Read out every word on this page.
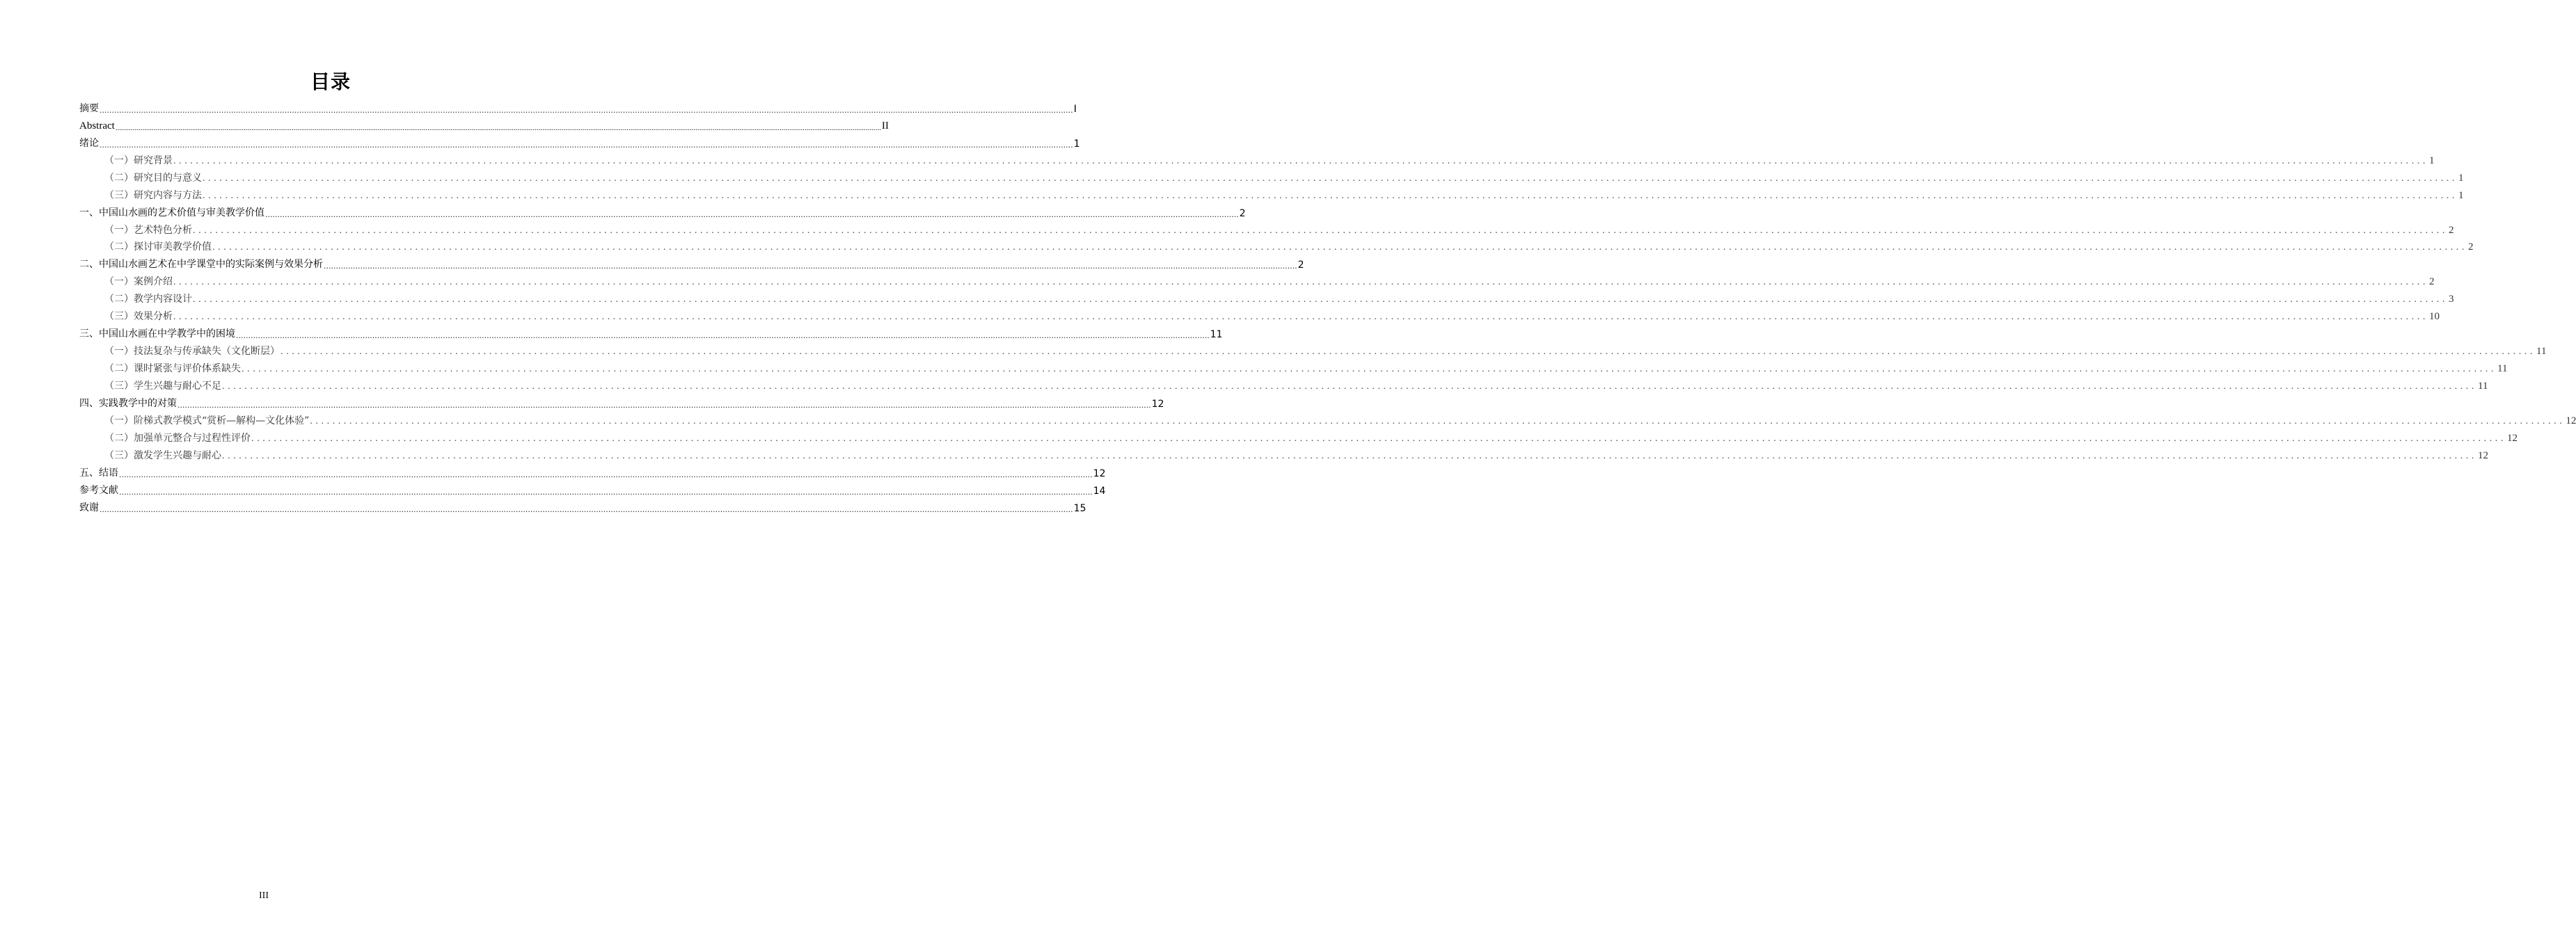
目录
摘要 ................................................................................................................................................................................................................................................................................................................................................................................................................ I
Abstract ................................................................................................................................................................................................................................................................................................................................................................................................................ II
绪论 ................................................................................................................................................................................................................................................................................................................................................................................................................ 1
（一）研究背景 ................................................................................................................................................................................................................................................................................................................................................................................................................ 1
（二）研究目的与意义 ................................................................................................................................................................................................................................................................................................................................................................................................................ 1
（三）研究内容与方法 ................................................................................................................................................................................................................................................................................................................................................................................................................ 1
一、中国山水画的艺术价值与审美教学价值 ................................................................................................................................................................................................................................................................................................................................................................................................................ 2
（一）艺术特色分析 ................................................................................................................................................................................................................................................................................................................................................................................................................ 2
（二）探讨审美教学价值 ................................................................................................................................................................................................................................................................................................................................................................................................................ 2
二、中国山水画艺术在中学课堂中的实际案例与效果分析 ................................................................................................................................................................................................................................................................................................................................................................................................................ 2
（一）案例介绍 ................................................................................................................................................................................................................................................................................................................................................................................................................ 2
（二）教学内容设计 ................................................................................................................................................................................................................................................................................................................................................................................................................ 3
（三）效果分析 ................................................................................................................................................................................................................................................................................................................................................................................................................ 10
三、中国山水画在中学教学中的困境 ................................................................................................................................................................................................................................................................................................................................................................................................................ 11
（一）技法复杂与传承缺失（文化断层） ................................................................................................................................................................................................................................................................................................................................................................................................................ 11
（二）课时紧张与评价体系缺失 ................................................................................................................................................................................................................................................................................................................................................................................................................ 11
（三）学生兴趣与耐心不足 ................................................................................................................................................................................................................................................................................................................................................................................................................ 11
四、实践教学中的对策 ................................................................................................................................................................................................................................................................................................................................................................................................................ 12
（一）阶梯式教学模式“赏析—解构—文化体验” ................................................................................................................................................................................................................................................................................................................................................................................................................ 12
（二）加强单元整合与过程性评价 ................................................................................................................................................................................................................................................................................................................................................................................................................ 12
（三）激发学生兴趣与耐心 ................................................................................................................................................................................................................................................................................................................................................................................................................ 12
五、结语 ................................................................................................................................................................................................................................................................................................................................................................................................................ 12
参考文献 ................................................................................................................................................................................................................................................................................................................................................................................................................ 14
致谢 ................................................................................................................................................................................................................................................................................................................................................................................................................ 15
III
